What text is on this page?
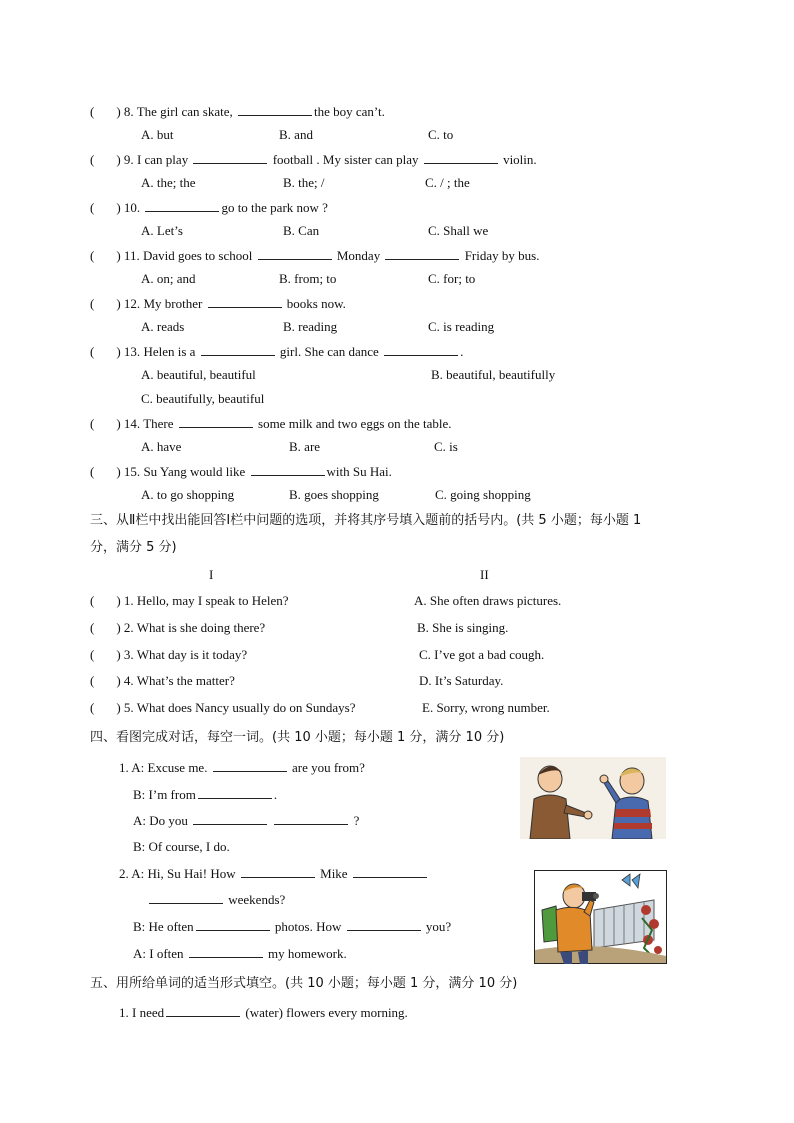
( ) 8. The girl can skate,	the boy can’t.
A. but	B. and	C. to
( ) 9. I can play	football . My sister can play	violin.
A. the; the	B. the; /	C. / ; the
( ) 10.	go to the park now ?
A. Let’s	B. Can	C. Shall we
( ) 11. David goes to school	Monday	Friday by bus.
A. on; and	B. from; to	C. for; to
( ) 12. My brother	books now.
A. reads	B. reading	C. is reading
( ) 13. Helen is a	girl. She can dance	.
A. beautiful, beautiful	B. beautiful, beautifully
C. beautifully, beautiful
( ) 14. There	some milk and two eggs on the table.
A. have	B. are	C. is
( ) 15. Su Yang would like	with Su Hai.
A. to go shopping	B. goes shopping	C. going shopping
三、从Ⅱ栏中找出能回答Ⅰ栏中问题的选项，并将其序号填入题前的括号内。(共 5 小题；每小题 1
分，满分 5 分)
I	II
( ) 1. Hello, may I speak to Helen?	A. She often draws pictures.
( ) 2. What is she doing there?	B. She is singing.
( ) 3. What day is it today?	C. I’ve got a bad cough.
( ) 4. What’s the matter?	D. It’s Saturday.
( ) 5. What does Nancy usually do on Sundays?	E. Sorry, wrong number.
四、看图完成对话，每空一词。(共 10 小题；每小题 1 分，满分 10 分)
1. A: Excuse me.	are you from?
B: I’m from	.
A: Do you	?
B: Of course, I do.
2. A: Hi, Su Hai! How	Mike
weekends?
B: He often	photos. How	you?
A: I often	my homework.
五、用所给单词的适当形式填空。(共 10 小题；每小题 1 分，满分 10 分)
1. I need	(water) flowers every morning.
